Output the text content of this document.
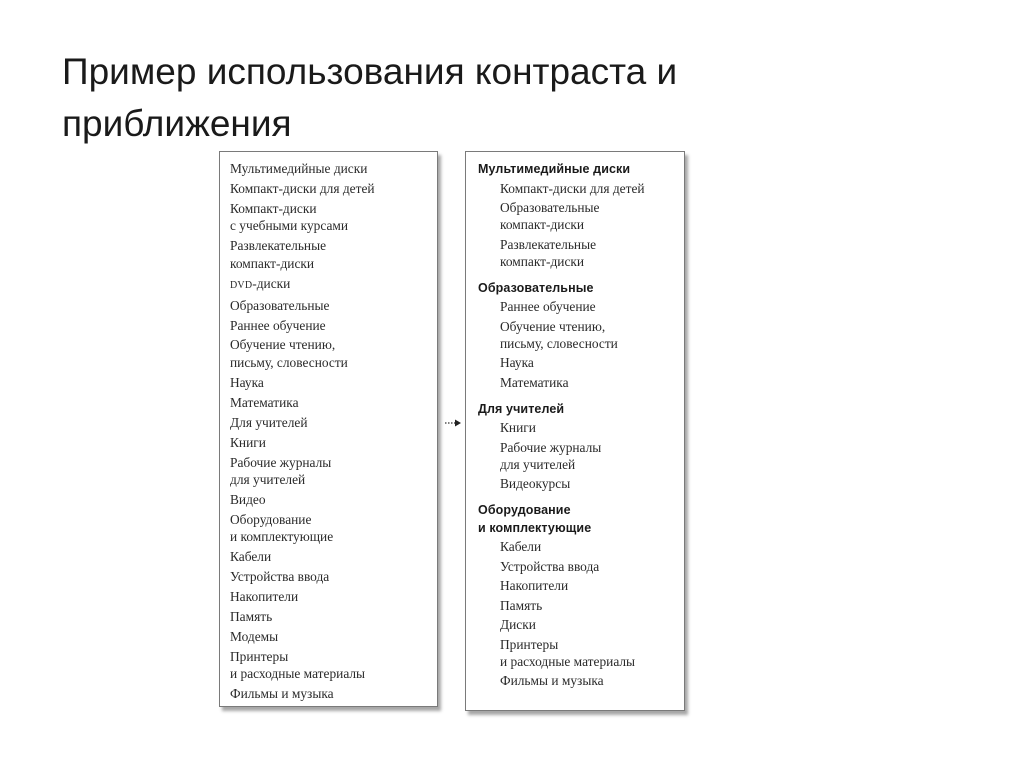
Пример использования контраста и
приближения
Мультимедийные диски
Компакт-диски для детей
Компакт-диски
с учебными курсами
Развлекательные
компакт-диски
DVD-диски
Образовательные
Раннее обучение
Обучение чтению,
письму, словесности
Наука
Математика
Для учителей
Книги
Рабочие журналы
для учителей
Видео
Оборудование
и комплектующие
Кабели
Устройства ввода
Накопители
Память
Модемы
Принтеры
и расходные материалы
Фильмы и музыка
Мультимедийные диски
Компакт-диски для детей
Образовательные
компакт-диски
Развлекательные
компакт-диски
Образовательные
Раннее обучение
Обучение чтению,
письму, словесности
Наука
Математика
Для учителей
Книги
Рабочие журналы
для учителей
Видеокурсы
Оборудование
и комплектующие
Кабели
Устройства ввода
Накопители
Память
Диски
Принтеры
и расходные материалы
Фильмы и музыка
